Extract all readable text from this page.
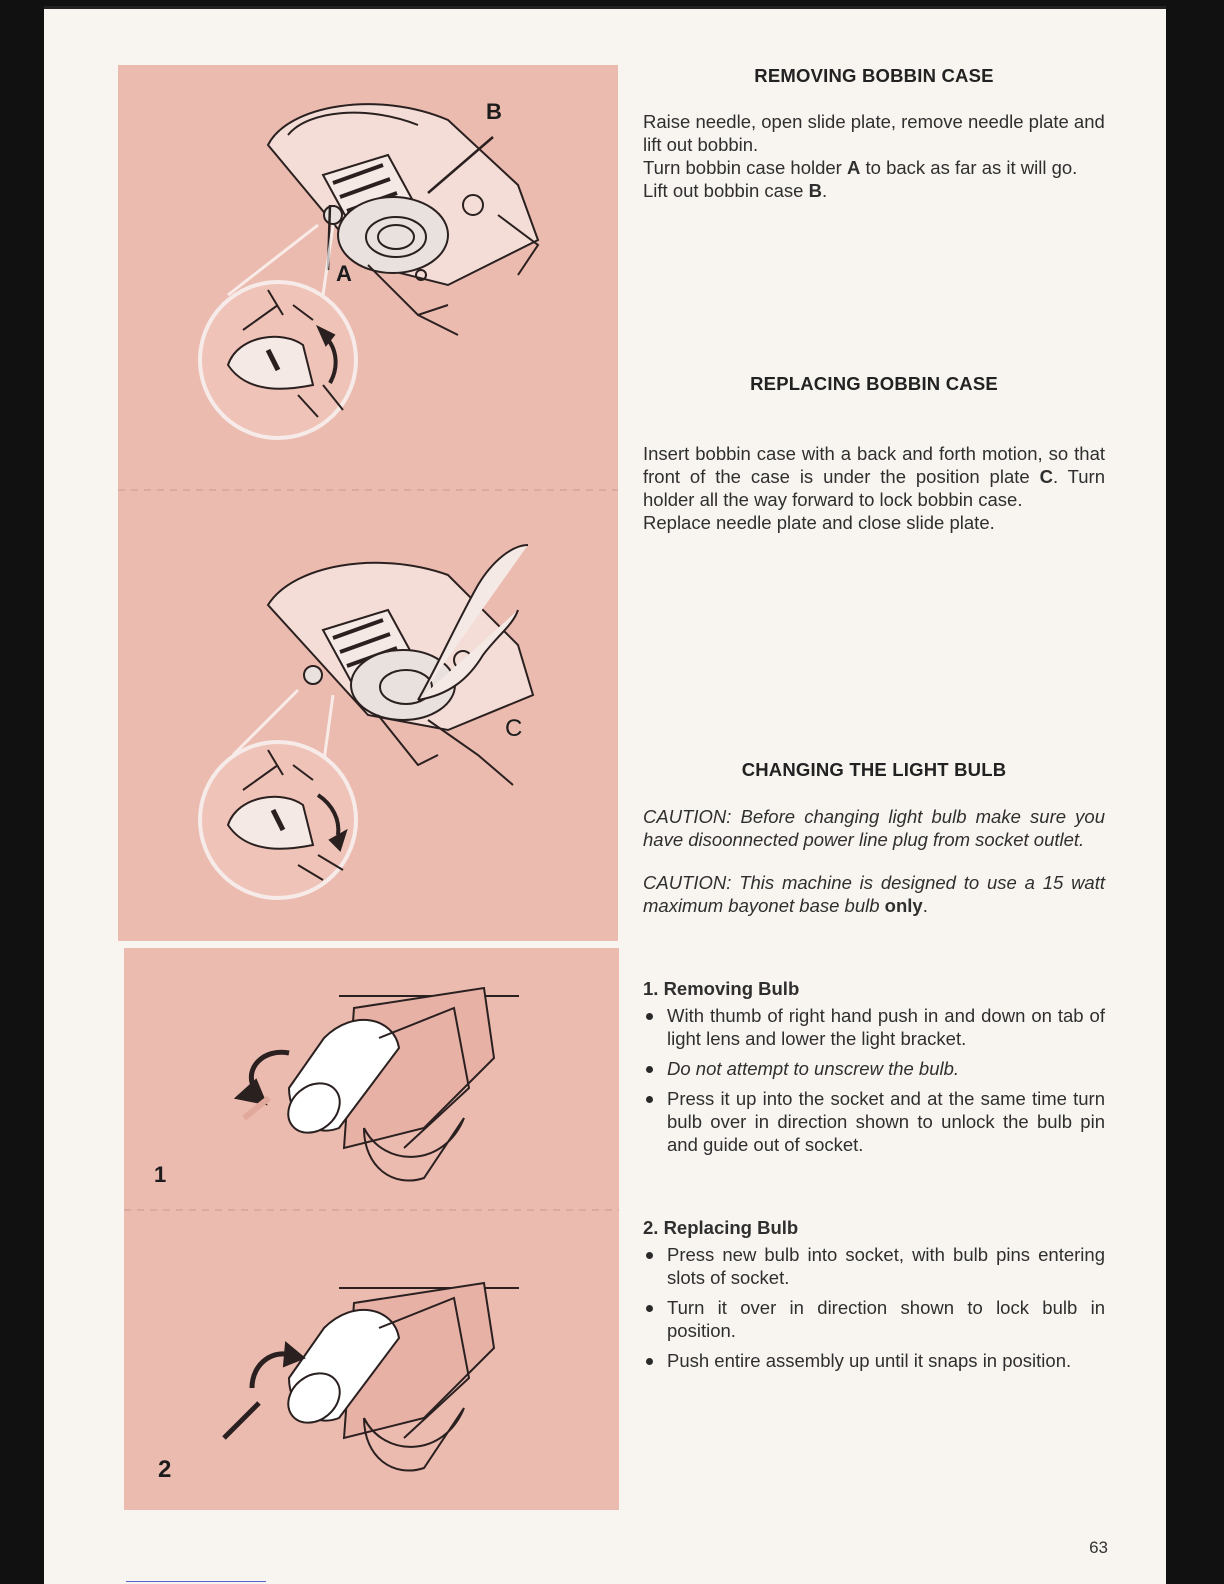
B
A
C
1
2
REMOVING BOBBIN CASE

Raise needle, open slide plate, remove needle plate and lift out bobbin.

Turn bobbin case holder A to back as far as it will go.

Lift out bobbin case B.

REPLACING BOBBIN CASE

Insert bobbin case with a back and forth motion, so that front of the case is under the position plate C. Turn holder all the way forward to lock bobbin case.

Replace needle plate and close slide plate.

CHANGING THE LIGHT BULB

CAUTION: Before changing light bulb make sure you have disoonnected power line plug from socket outlet.

CAUTION: This machine is designed to use a 15 watt maximum bayonet base bulb only.

1. Removing Bulb

With thumb of right hand push in and down on tab of light lens and lower the light bracket.
Do not attempt to unscrew the bulb.
Press it up into the socket and at the same time turn bulb over in direction shown to unlock the bulb pin and guide out of socket.

2. Replacing Bulb

Press new bulb into socket, with bulb pins entering slots of socket.
Turn it over in direction shown to lock bulb in position.
Push entire assembly up until it snaps in position.
63
